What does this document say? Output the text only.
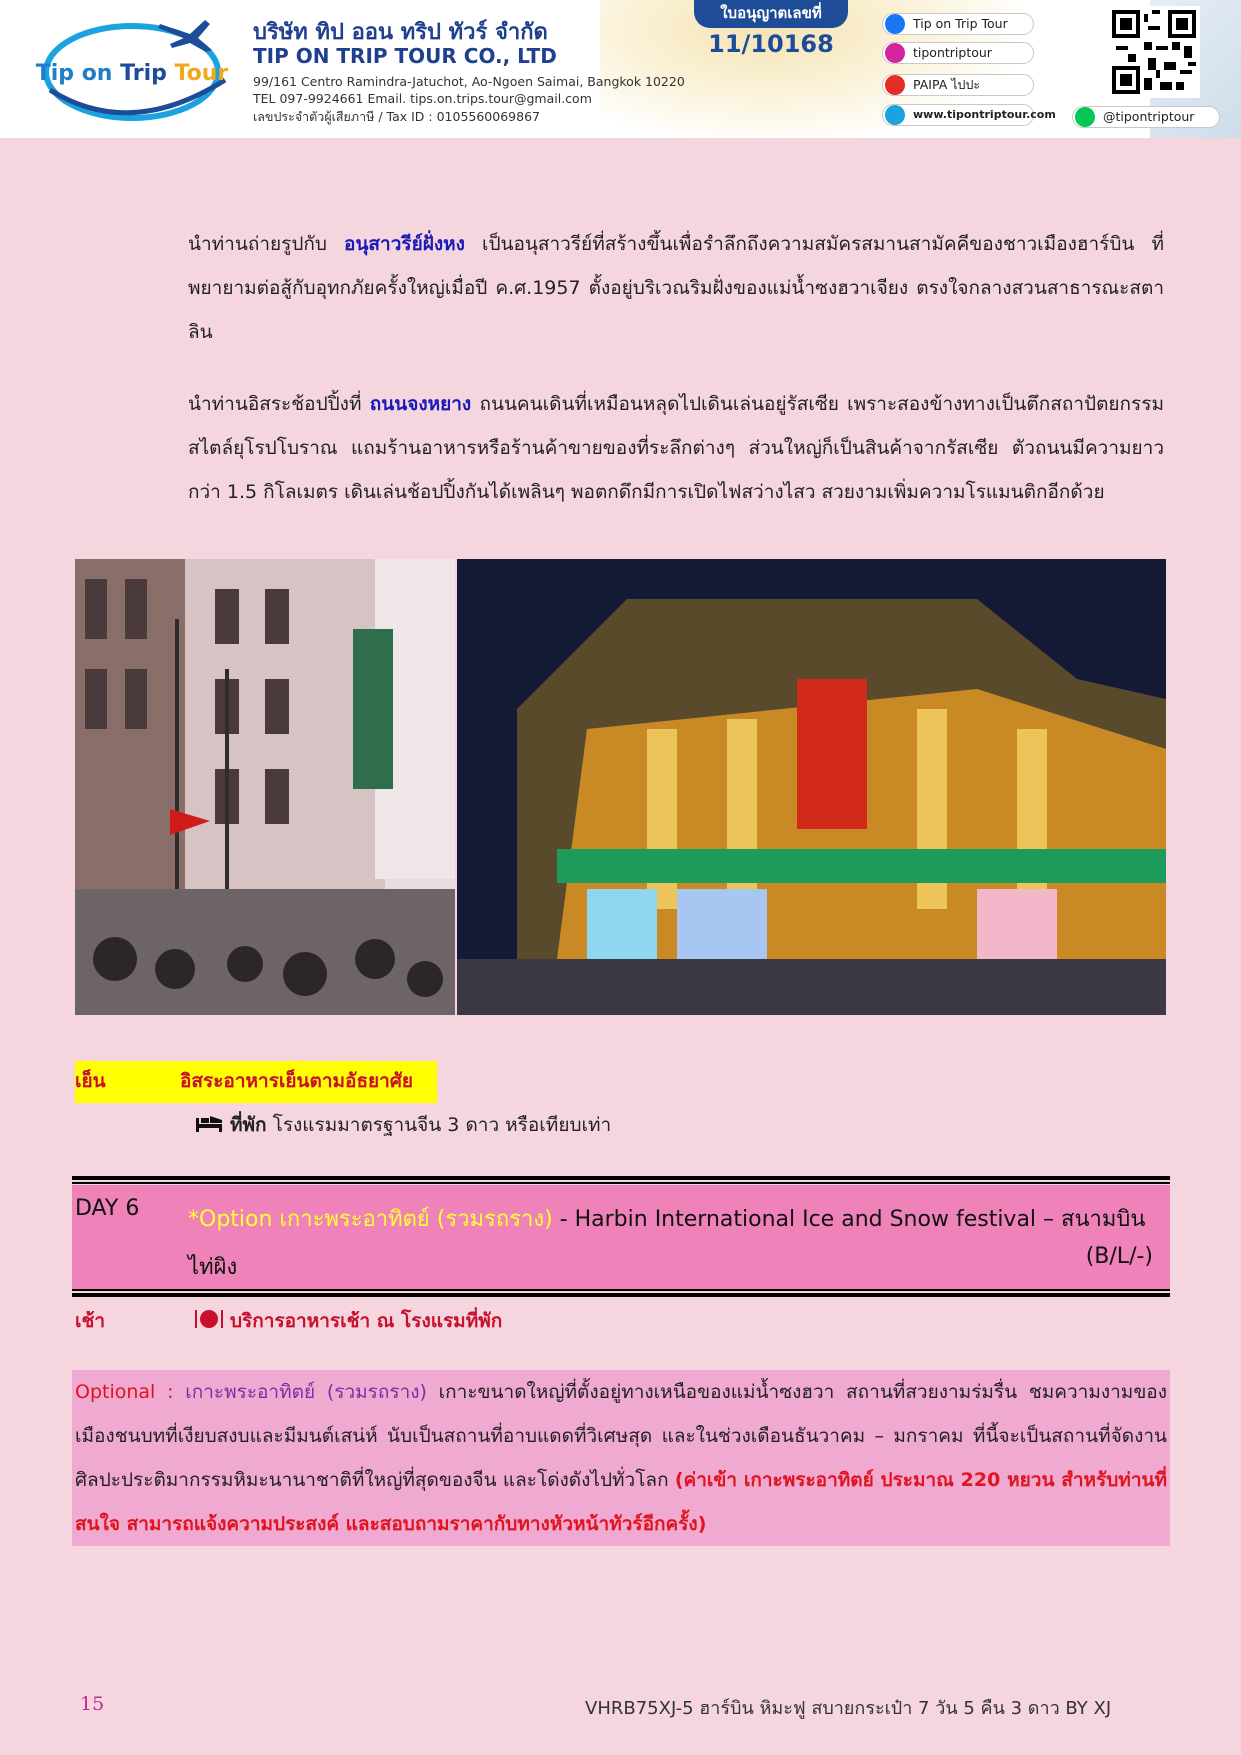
Tip on Trip Tour
บริษัท ทิป ออน ทริป ทัวร์ จำกัด
TIP ON TRIP TOUR CO., LTD
99/161 Centro Ramindra-Jatuchot, Ao-Ngoen Saimai, Bangkok 10220
TEL 097-9924661 Email. tips.on.trips.tour@gmail.com
เลขประจำตัวผู้เสียภาษี / Tax ID : 0105560069867
ใบอนุญาตเลขที่
11/10168
Tip on Trip Tour
tipontriptour
PAIPA ไปปะ
www.tipontriptour.com	@tipontriptour
นำท่านถ่ายรูปกับ อนุสาวรีย์ฝั่งหง เป็นอนุสาวรีย์ที่สร้างขึ้นเพื่อรำลึกถึงความสมัครสมานสามัคคีของชาวเมืองฮาร์บิน ที่พยายามต่อสู้กับอุทกภัยครั้งใหญ่เมื่อปี ค.ศ.1957 ตั้งอยู่บริเวณริมฝั่งของแม่น้ำซงฮวาเจียง ตรงใจกลางสวนสาธารณะสตาลิน
นำท่านอิสระช้อปปิ้งที่ ถนนจงหยาง ถนนคนเดินที่เหมือนหลุดไปเดินเล่นอยู่รัสเซีย เพราะสองข้างทางเป็นตึกสถาปัตยกรรมสไตล์ยุโรปโบราณ แถมร้านอาหารหรือร้านค้าขายของที่ระลึกต่างๆ ส่วนใหญ่ก็เป็นสินค้าจากรัสเซีย ตัวถนนมีความยาวกว่า 1.5 กิโลเมตร เดินเล่นช้อปปิ้งกันได้เพลินๆ พอตกดึกมีการเปิดไฟสว่างไสว สวยงามเพิ่มความโรแมนติกอีกด้วย
เย็น	อิสระอาหารเย็นตามอัธยาศัย
ที่พัก โรงแรมมาตรฐานจีน 3 ดาว หรือเทียบเท่า
DAY 6 *Option เกาะพระอาทิตย์ (รวมรถราง) - Harbin International Ice and Snow festival – สนามบินไท่ผิง	(B/L/-)
เช้า	บริการอาหารเช้า ณ โรงแรมที่พัก
Optional : เกาะพระอาทิตย์ (รวมรถราง) เกาะขนาดใหญ่ที่ตั้งอยู่ทางเหนือของแม่น้ำซงฮวา สถานที่สวยงามร่มรื่น ชมความงามของเมืองชนบทที่เงียบสงบและมีมนต์เสน่ห์ นับเป็นสถานที่อาบแดดที่วิเศษสุด และในช่วงเดือนธันวาคม – มกราคม ที่นี้จะเป็นสถานที่จัดงานศิลปะประติมากรรมหิมะนานาชาติที่ใหญ่ที่สุดของจีน และโด่งดังไปทั่วโลก (ค่าเข้า เกาะพระอาทิตย์ ประมาณ 220 หยวน สำหรับท่านที่สนใจ สามารถแจ้งความประสงค์ และสอบถามราคากับทางหัวหน้าทัวร์อีกครั้ง)
15	VHRB75XJ-5 ฮาร์บิน หิมะฟู สบายกระเป๋า 7 วัน 5 คืน 3 ดาว BY XJ
